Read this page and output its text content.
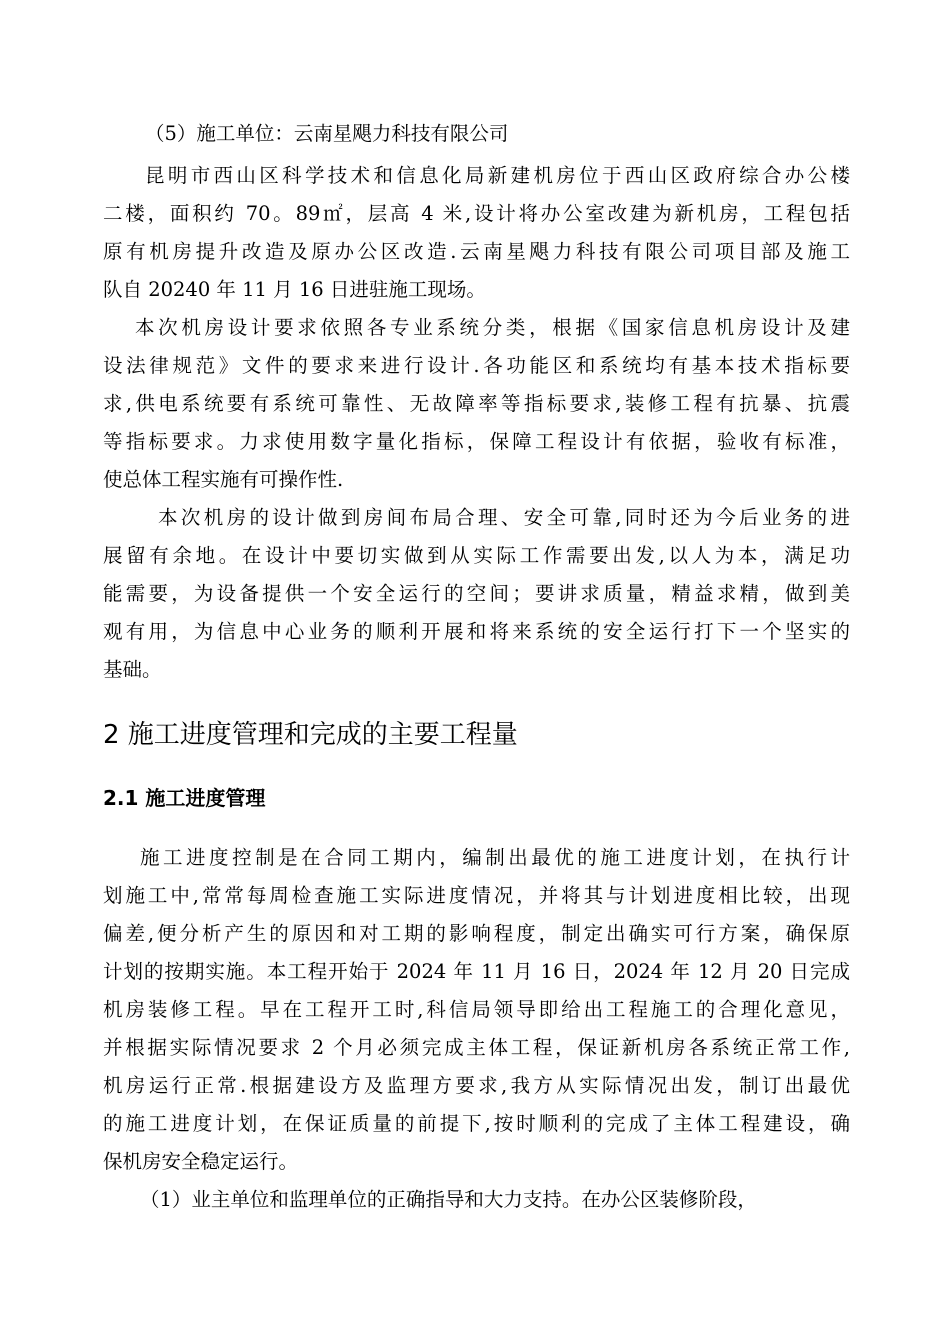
（5）施工单位：云南星飓力科技有限公司
昆明市西山区科学技术和信息化局新建机房位于西山区政府综合办公楼
二楼，面积约 70。89㎡，层高 4 米,设计将办公室改建为新机房，工程包括
原有机房提升改造及原办公区改造.云南星飓力科技有限公司项目部及施工
队自 20240 年 11 月 16 日进驻施工现场。
本次机房设计要求依照各专业系统分类，根据《国家信息机房设计及建
设法律规范》文件的要求来进行设计.各功能区和系统均有基本技术指标要
求,供电系统要有系统可靠性、无故障率等指标要求,装修工程有抗暴、抗震
等指标要求。力求使用数字量化指标，保障工程设计有依据，验收有标准，
使总体工程实施有可操作性.
本次机房的设计做到房间布局合理、安全可靠,同时还为今后业务的进
展留有余地。在设计中要切实做到从实际工作需要出发,以人为本，满足功
能需要，为设备提供一个安全运行的空间；要讲求质量，精益求精，做到美
观有用，为信息中心业务的顺利开展和将来系统的安全运行打下一个坚实的
基础。
2 施工进度管理和完成的主要工程量
2.1 施工进度管理
施工进度控制是在合同工期内，编制出最优的施工进度计划，在执行计
划施工中,常常每周检查施工实际进度情况，并将其与计划进度相比较，出现
偏差,便分析产生的原因和对工期的影响程度，制定出确实可行方案，确保原
计划的按期实施。本工程开始于 2024 年 11 月 16 日，2024 年 12 月 20 日完成
机房装修工程。早在工程开工时,科信局领导即给出工程施工的合理化意见，
并根据实际情况要求 2 个月必须完成主体工程，保证新机房各系统正常工作,
机房运行正常.根据建设方及监理方要求,我方从实际情况出发，制订出最优
的施工进度计划，在保证质量的前提下,按时顺利的完成了主体工程建设，确
保机房安全稳定运行。
（1）业主单位和监理单位的正确指导和大力支持。在办公区装修阶段，
